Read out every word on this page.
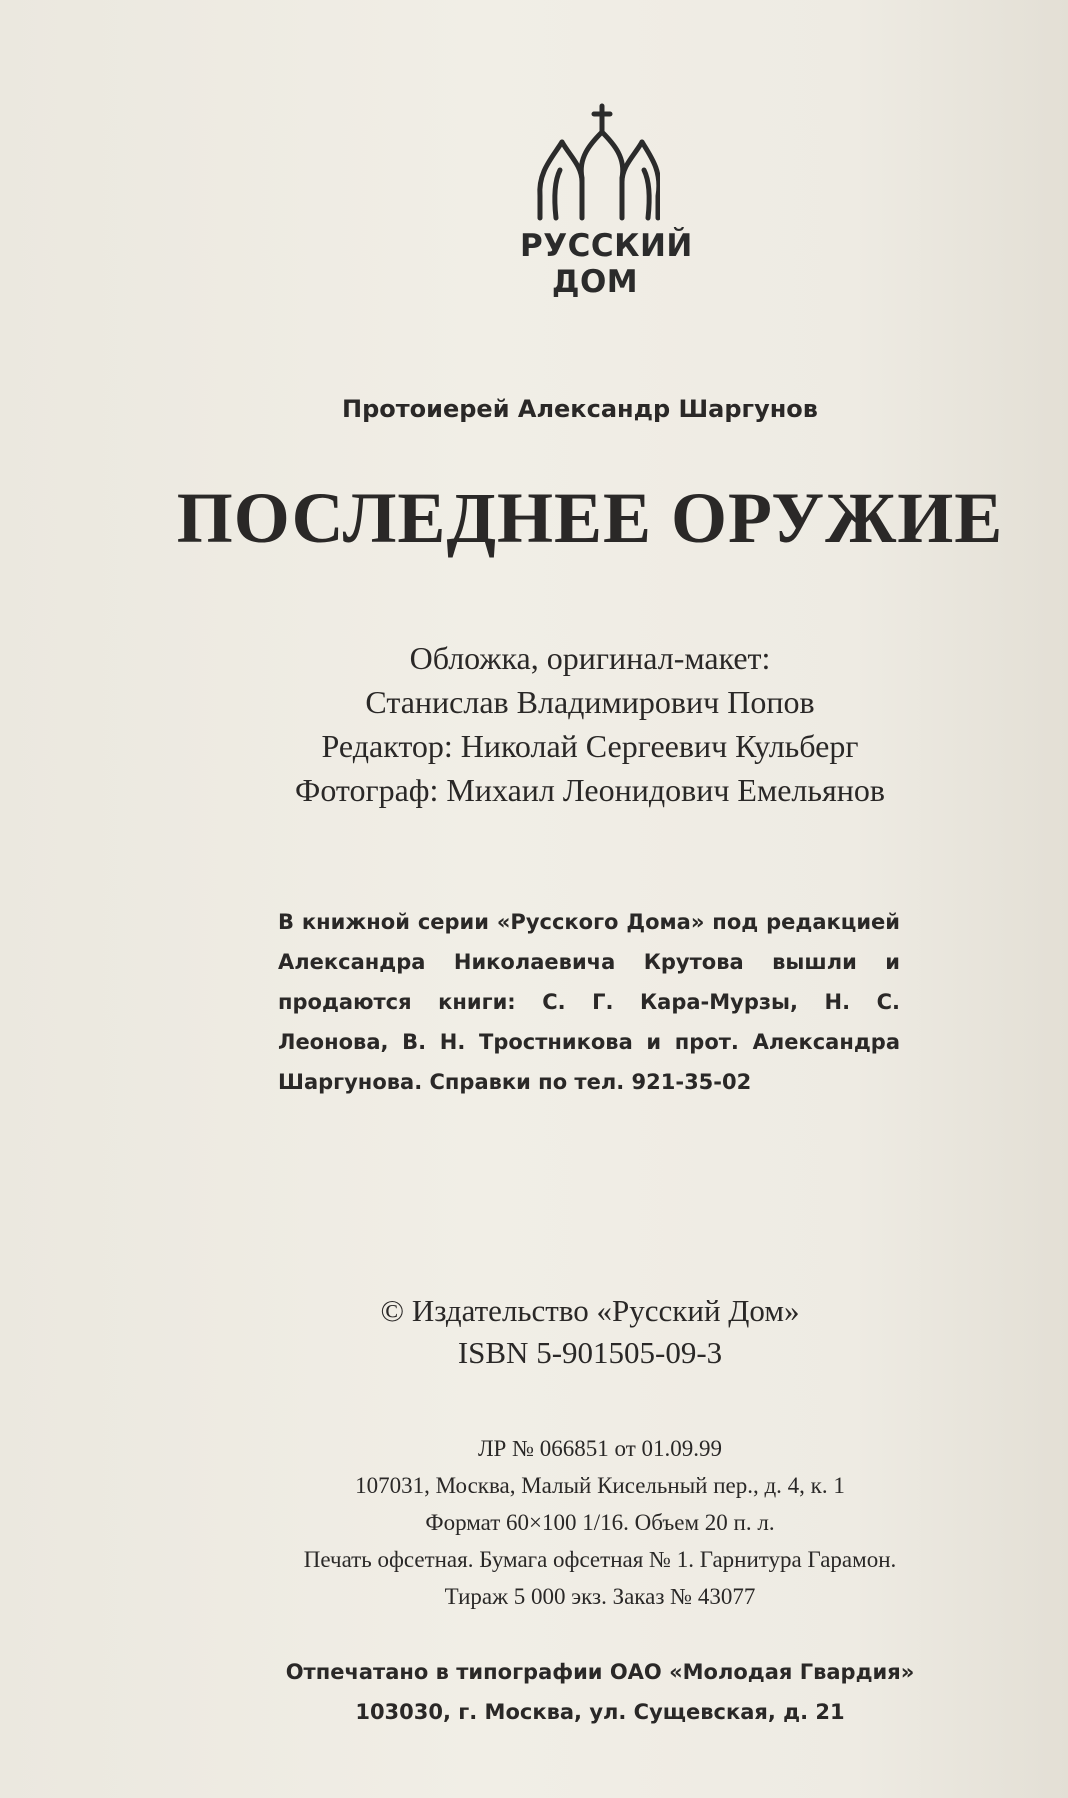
РУССКИЙ
ДОМ
Протоиерей Александр Шаргунов
ПОСЛЕДНЕЕ ОРУЖИЕ
Обложка, оригинал-макет:
Станислав Владимирович Попов
Редактор: Николай Сергеевич Кульберг
Фотограф: Михаил Леонидович Емельянов
В книжной серии «Русского Дома» под редакцией Александра Николаевича Крутова вышли и продаются книги: С. Г. Кара-Мурзы, Н. С. Леонова, В. Н. Тростникова и прот. Александра Шаргунова. Справки по тел. 921-35-02
© Издательство «Русский Дом»
ISBN 5-901505-09-3
ЛР № 066851 от 01.09.99
107031, Москва, Малый Кисельный пер., д. 4, к. 1
Формат 60×100 1/16. Объем 20 п. л.
Печать офсетная. Бумага офсетная № 1. Гарнитура Гарамон.
Тираж 5 000 экз. Заказ № 43077
Отпечатано в типографии ОАО «Молодая Гвардия»
103030, г. Москва, ул. Сущевская, д. 21
